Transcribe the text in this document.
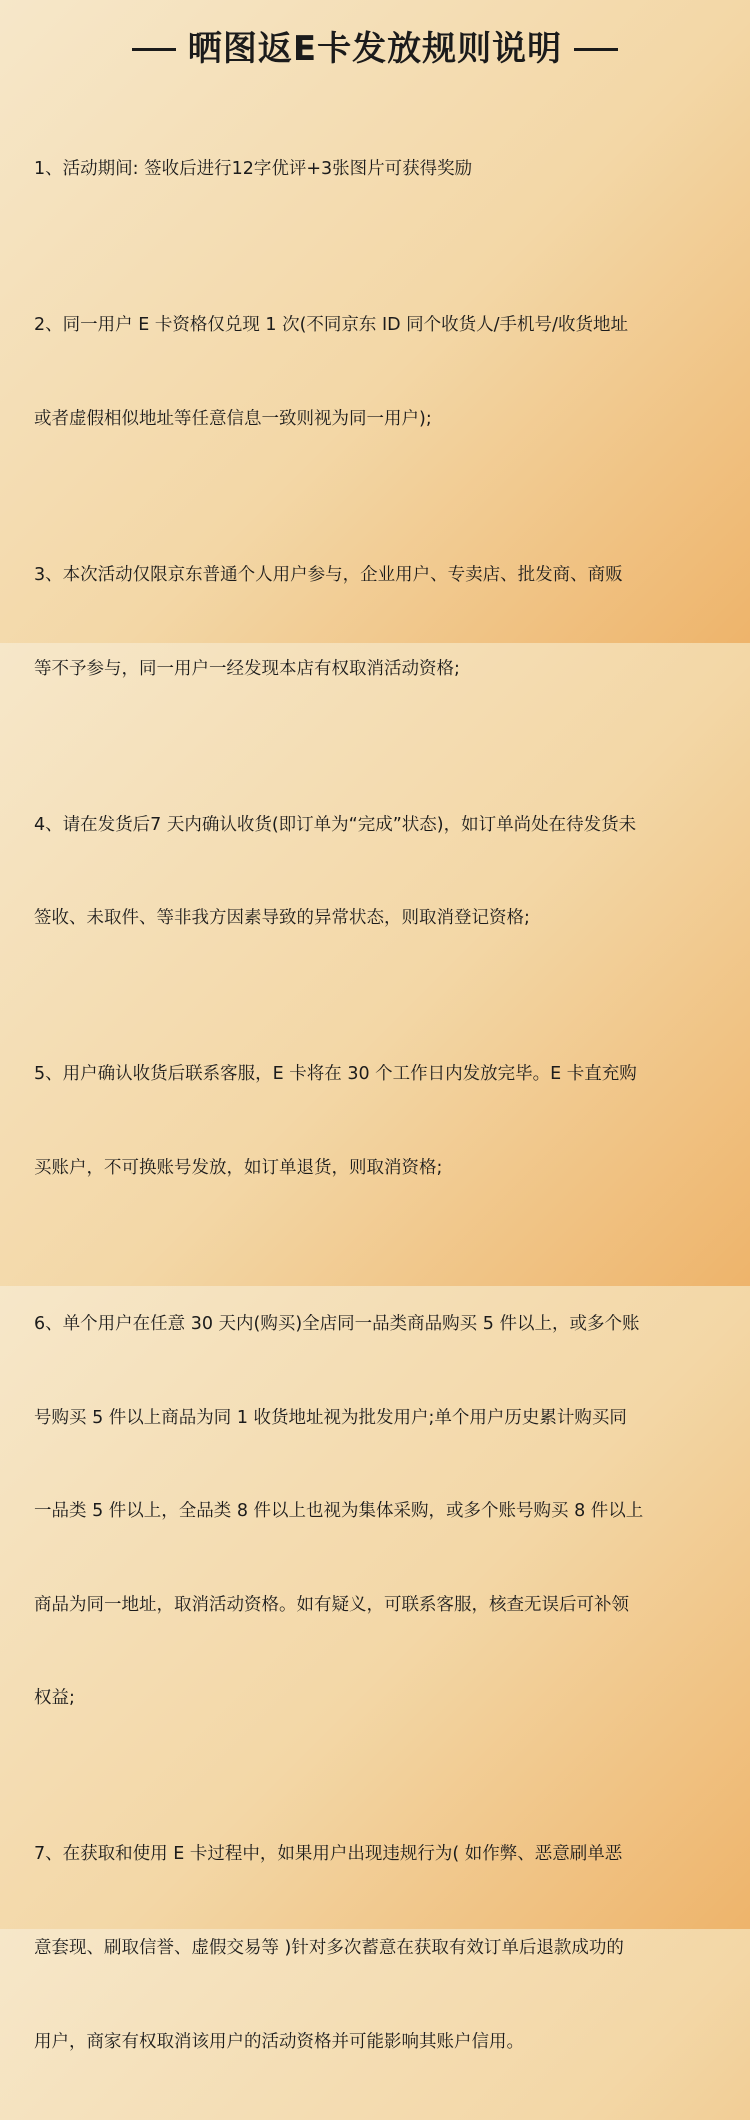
晒图返E卡发放规则说明

1、活动期间: 签收后进行12字优评+3张图片可获得奖励

2、同一用户 E 卡资格仅兑现 1 次(不同京东 ID 同个收货人/手机号/收货地址

或者虚假相似地址等任意信息一致则视为同一用户);

3、本次活动仅限京东普通个人用户参与，企业用户、专卖店、批发商、商贩

等不予参与，同一用户一经发现本店有权取消活动资格;

4、请在发货后7 天内确认收货(即订单为“完成”状态)，如订单尚处在待发货未

签收、未取件、等非我方因素导致的异常状态，则取消登记资格;

5、用户确认收货后联系客服，E 卡将在 30 个工作日内发放完毕。E 卡直充购

买账户，不可换账号发放，如订单退货，则取消资格;

6、单个用户在任意 30 天内(购买)全店同一品类商品购买 5 件以上，或多个账

号购买 5 件以上商品为同 1 收货地址视为批发用户;单个用户历史累计购买同

一品类 5 件以上，全品类 8 件以上也视为集体采购，或多个账号购买 8 件以上

商品为同一地址，取消活动资格。如有疑义，可联系客服，核查无误后可补领

权益;

7、在获取和使用 E 卡过程中，如果用户出现违规行为( 如作弊、恶意刷单恶

意套现、刷取信誉、虚假交易等 )针对多次蓄意在获取有效订单后退款成功的

用户，商家有权取消该用户的活动资格并可能影响其账户信用。
